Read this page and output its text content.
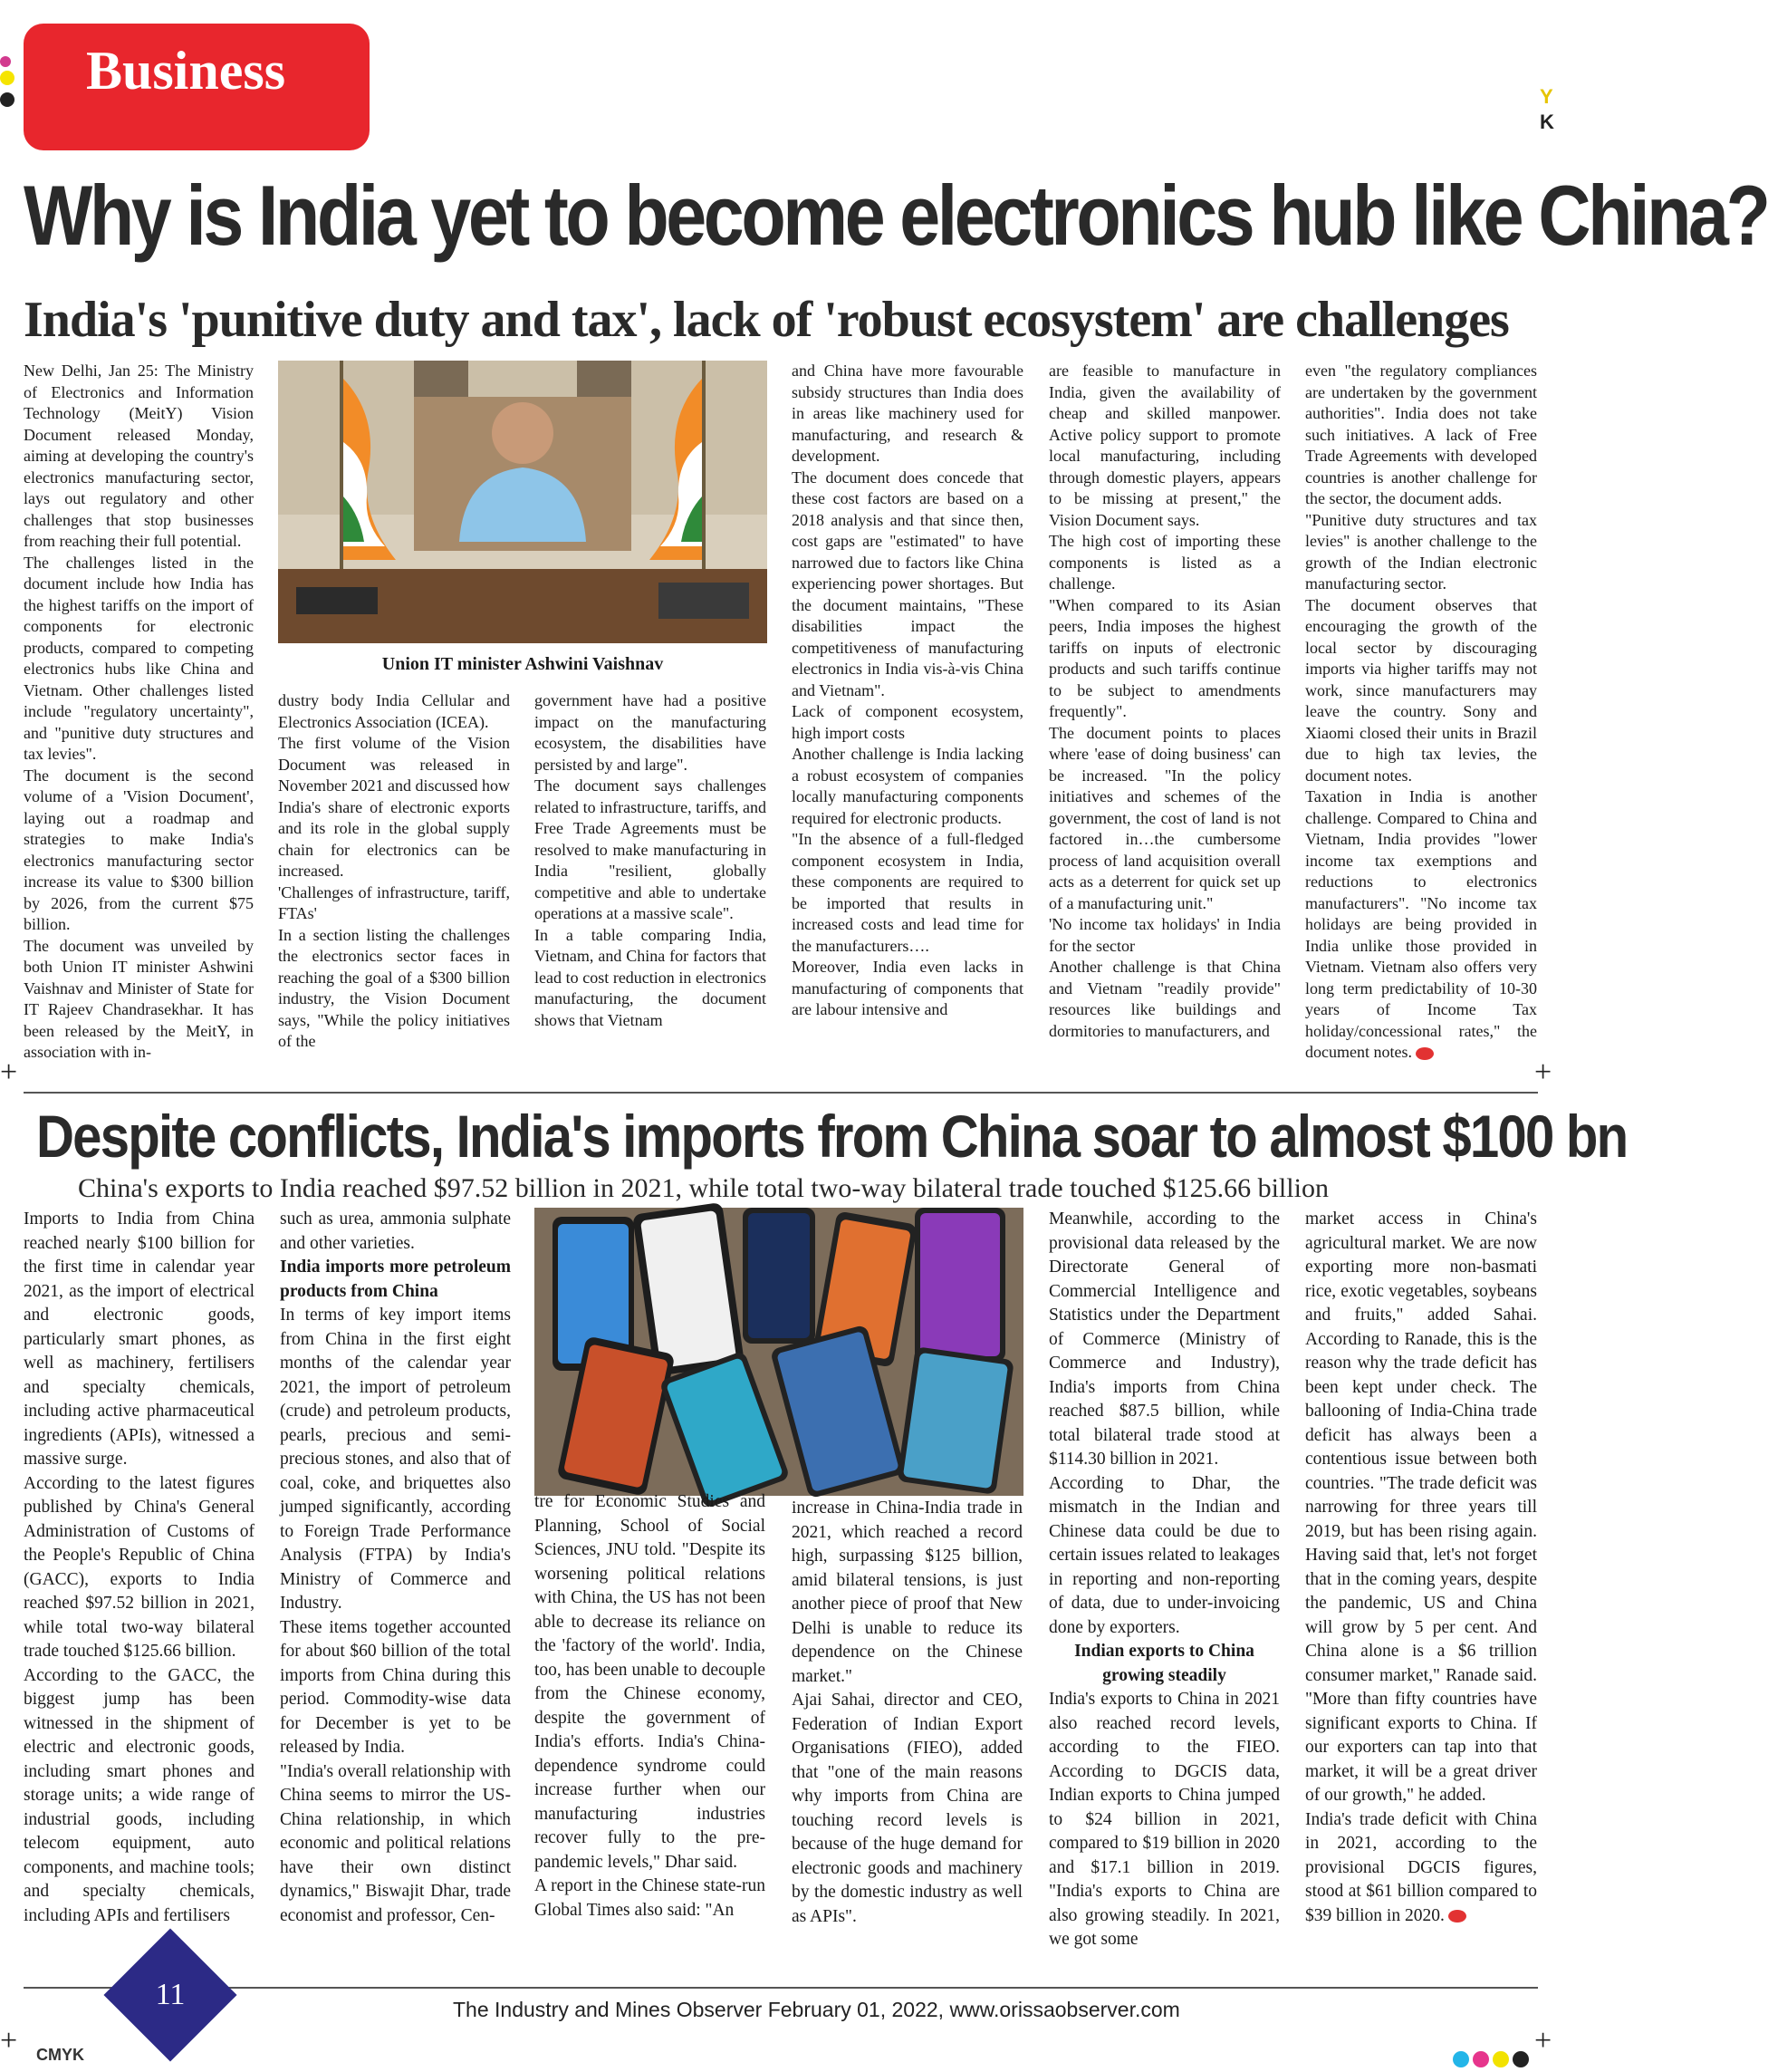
Business	Y
K
Why is India yet to become electronics hub like China?
India's 'punitive duty and tax', lack of 'robust ecosystem' are challenges

New Delhi, Jan 25: The Ministry of Electronics and Information Technology (MeitY) Vision Document released Monday, aiming at developing the country's electronics manufacturing sector, lays out regulatory and other challenges that stop businesses from reaching their full potential.

The challenges listed in the document include how India has the highest tariffs on the import of components for electronic products, compared to competing electronics hubs like China and Vietnam. Other challenges listed include "regulatory uncertainty", and "punitive duty structures and tax levies".

The document is the second volume of a 'Vision Document', laying out a roadmap and strategies to make India's electronics manufacturing sector increase its value to $300 billion by 2026, from the current $75 billion.

The document was unveiled by both Union IT minister Ashwini Vaishnav and Minister of State for IT Rajeev Chandrasekhar. It has been released by the MeitY, in association with in-

Union IT minister Ashwini Vaishnav

dustry body India Cellular and Electronics Association (ICEA).

The first volume of the Vision Document was released in November 2021 and discussed how India's share of electronic exports and its role in the global supply chain for electronics can be increased.

'Challenges of infrastructure, tariff, FTAs'

In a section listing the challenges the electronics sector faces in reaching the goal of a $300 billion industry, the Vision Document says, "While the policy initiatives of the

government have had a positive impact on the manufacturing ecosystem, the disabilities have persisted by and large".

The document says challenges related to infrastructure, tariffs, and Free Trade Agreements must be resolved to make manufacturing in India "resilient, globally competitive and able to undertake operations at a massive scale".

In a table comparing India, Vietnam, and China for factors that lead to cost reduction in electronics manufacturing, the document shows that Vietnam

and China have more favourable subsidy structures than India does in areas like machinery used for manufacturing, and research & development.

The document does concede that these cost factors are based on a 2018 analysis and that since then, cost gaps are "estimated" to have narrowed due to factors like China experiencing power shortages. But the document maintains, "These disabilities impact the competitiveness of manufacturing electronics in India vis-à-vis China and Vietnam".

Lack of component ecosystem, high import costs

Another challenge is India lacking a robust ecosystem of companies locally manufacturing components required for electronic products.

"In the absence of a full-fledged component ecosystem in India, these components are required to be imported that results in increased costs and lead time for the manufacturers….

Moreover, India even lacks in manufacturing of components that are labour intensive and

are feasible to manufacture in India, given the availability of cheap and skilled manpower. Active policy support to promote local manufacturing, including through domestic players, appears to be missing at present," the Vision Document says.

The high cost of importing these components is listed as a challenge.

"When compared to its Asian peers, India imposes the highest tariffs on inputs of electronic products and such tariffs continue to be subject to amendments frequently".

The document points to places where 'ease of doing business' can be increased. "In the policy initiatives and schemes of the government, the cost of land is not factored in…the cumbersome process of land acquisition overall acts as a deterrent for quick set up of a manufacturing unit."

'No income tax holidays' in India for the sector

Another challenge is that China and Vietnam "readily provide" resources like buildings and dormitories to manufacturers, and

even "the regulatory compliances are undertaken by the government authorities". India does not take such initiatives. A lack of Free Trade Agreements with developed countries is another challenge for the sector, the document adds.

"Punitive duty structures and tax levies" is another challenge to the growth of the Indian electronic manufacturing sector.

The document observes that encouraging the growth of the local sector by discouraging imports via higher tariffs may not work, since manufacturers may leave the country. Sony and Xiaomi closed their units in Brazil due to high tax levies, the document notes.

Taxation in India is another challenge. Compared to China and Vietnam, India provides "lower income tax exemptions and reductions to electronics manufacturers". "No income tax holidays are being provided in India unlike those provided in Vietnam. Vietnam also offers very long term predictability of 10-30 years of Income Tax holiday/concessional rates," the document notes.

+	+
Despite conflicts, India's imports from China soar to almost $100 bn
China's exports to India reached $97.52 billion in 2021, while total two-way bilateral trade touched $125.66 billion

Imports to India from China reached nearly $100 billion for the first time in calendar year 2021, as the import of electrical and electronic goods, particularly smart phones, as well as machinery, fertilisers and specialty chemicals, including active pharmaceutical ingredients (APIs), witnessed a massive surge.

According to the latest figures published by China's General Administration of Customs of the People's Republic of China (GACC), exports to India reached $97.52 billion in 2021, while total two-way bilateral trade touched $125.66 billion.

According to the GACC, the biggest jump has been witnessed in the shipment of electric and electronic goods, including smart phones and storage units; a wide range of industrial goods, including telecom equipment, auto components, and machine tools; and specialty chemicals, including APIs and fertilisers

such as urea, ammonia sulphate and other varieties.

India imports more petroleum products from China

In terms of key import items from China in the first eight months of the calendar year 2021, the import of petroleum (crude) and petroleum products, pearls, precious and semi-precious stones, and also that of coal, coke, and briquettes also jumped significantly, according to Foreign Trade Performance Analysis (FTPA) by India's Ministry of Commerce and Industry.

These items together accounted for about $60 billion of the total imports from China during this period. Commodity-wise data for December is yet to be released by India.

"India's overall relationship with China seems to mirror the US-China relationship, in which economic and political relations have their own distinct dynamics," Biswajit Dhar, trade economist and professor, Cen-

tre for Economic Studies and Planning, School of Social Sciences, JNU told. "Despite its worsening political relations with China, the US has not been able to decrease its reliance on the 'factory of the world'. India, too, has been unable to decouple from the Chinese economy, despite the government of India's efforts. India's China-dependence syndrome could increase further when our manufacturing industries recover fully to the pre-pandemic levels," Dhar said.

A report in the Chinese state-run Global Times also said: "An

increase in China-India trade in 2021, which reached a record high, surpassing $125 billion, amid bilateral tensions, is just another piece of proof that New Delhi is unable to reduce its dependence on the Chinese market."

Ajai Sahai, director and CEO, Federation of Indian Export Organisations (FIEO), added that "one of the main reasons why imports from China are touching record levels is because of the huge demand for electronic goods and machinery by the domestic industry as well as APIs".

Meanwhile, according to the provisional data released by the Directorate General of Commercial Intelligence and Statistics under the Department of Commerce (Ministry of Commerce and Industry), India's imports from China reached $87.5 billion, while total bilateral trade stood at $114.30 billion in 2021.

According to Dhar, the mismatch in the Indian and Chinese data could be due to certain issues related to leakages in reporting and non-reporting of data, due to under-invoicing done by exporters.

Indian exports to China growing steadily

India's exports to China in 2021 also reached record levels, according to the FIEO. According to DGCIS data, Indian exports to China jumped to $24 billion in 2021, compared to $19 billion in 2020 and $17.1 billion in 2019. "India's exports to China are also growing steadily. In 2021, we got some

market access in China's agricultural market. We are now exporting more non-basmati rice, exotic vegetables, soybeans and fruits," added Sahai. According to Ranade, this is the reason why the trade deficit has been kept under check. The ballooning of India-China trade deficit has always been a contentious issue between both countries. "The trade deficit was narrowing for three years till 2019, but has been rising again. Having said that, let's not forget that in the coming years, despite the pandemic, US and China will grow by 5 per cent. And China alone is a $6 trillion consumer market," Ranade said. "More than fifty countries have significant exports to China. If our exporters can tap into that market, it will be a great driver of our growth," he added.

India's trade deficit with China in 2021, according to the provisional DGCIS figures, stood at $61 billion compared to $39 billion in 2020.

11	The Industry and Mines Observer February 01, 2022, www.orissaobserver.com
CMYK
+	+
